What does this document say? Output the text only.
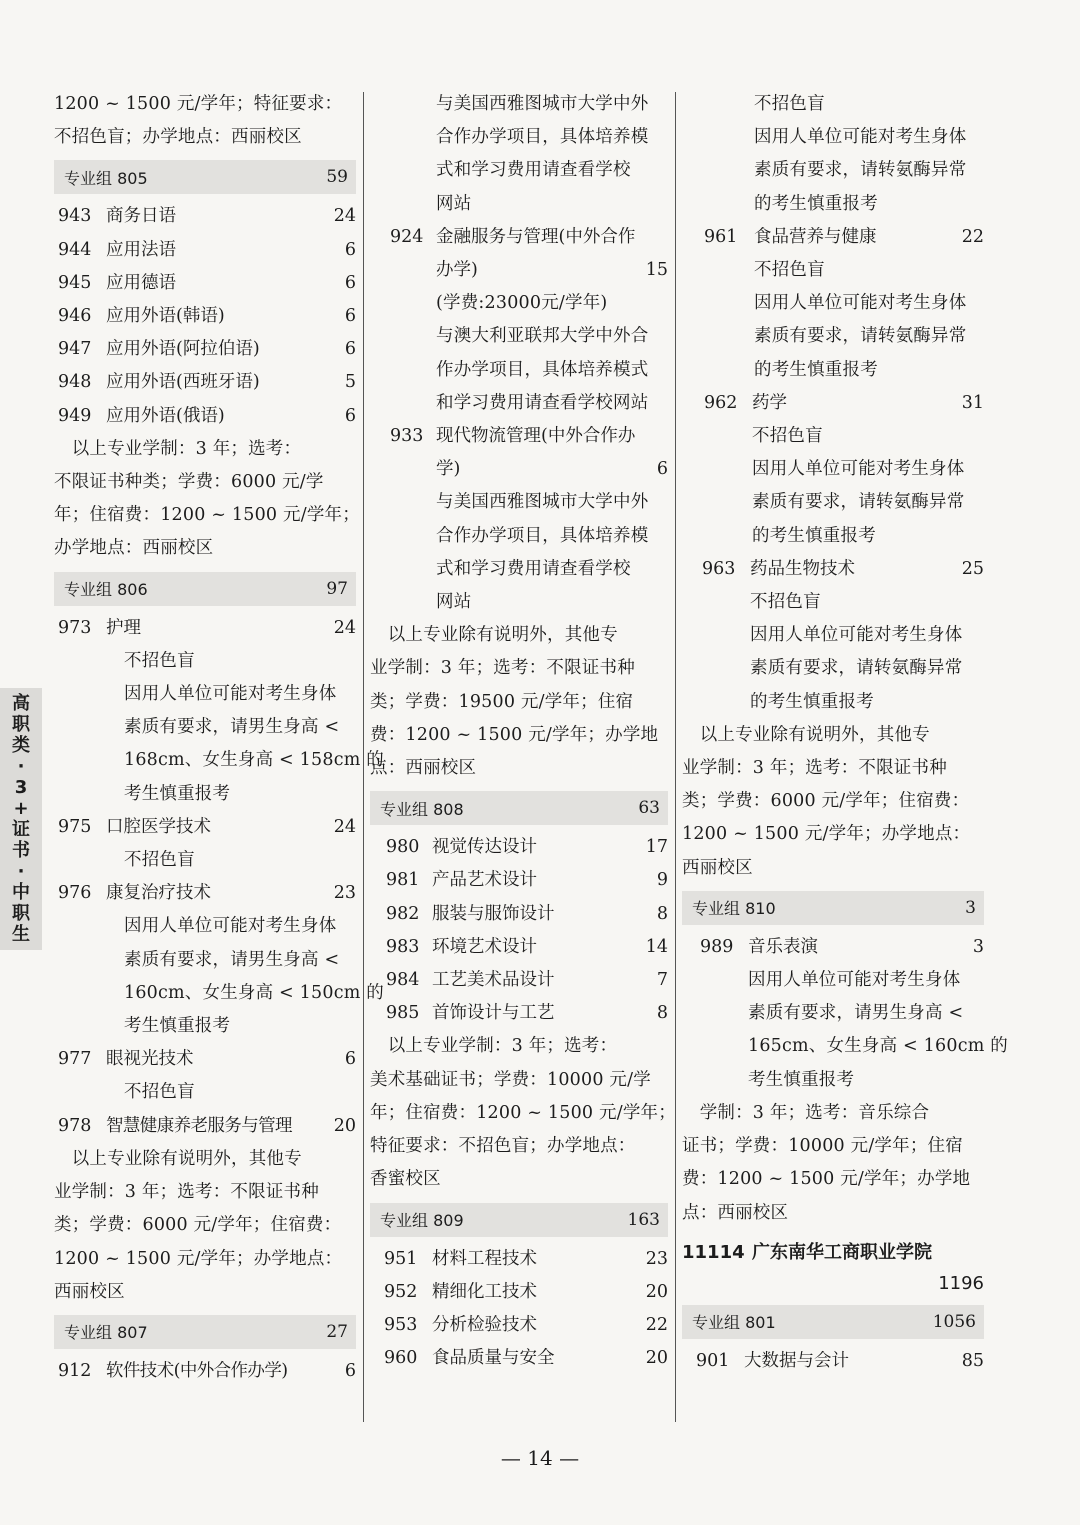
高
职
类
·
3
+
证
书
·
中
职
生
1200 ~ 1500 元/学年；特征要求：
不招色盲；办学地点：西丽校区
专业组 805	59
943 商务日语	24
944 应用法语	6
945 应用德语	6
946 应用外语(韩语)	6
947 应用外语(阿拉伯语)	6
948 应用外语(西班牙语)	5
949 应用外语(俄语)	6
　以上专业学制：3 年；选考：
不限证书种类；学费：6000 元/学
年；住宿费：1200 ~ 1500 元/学年；
办学地点：西丽校区
专业组 806	97
973 护理	24
不招色盲
因用人单位可能对考生身体
素质有要求，请男生身高 <
168cm、女生身高 < 158cm 的
考生慎重报考
975 口腔医学技术	24
不招色盲
976 康复治疗技术	23
因用人单位可能对考生身体
素质有要求，请男生身高 <
160cm、女生身高 < 150cm 的
考生慎重报考
977 眼视光技术	6
不招色盲
978 智慧健康养老服务与管理	20
　以上专业除有说明外，其他专
业学制：3 年；选考：不限证书种
类；学费：6000 元/学年；住宿费：
1200 ~ 1500 元/学年；办学地点：
西丽校区
专业组 807	27
912 软件技术(中外合作办学)	6
与美国西雅图城市大学中外
合作办学项目，具体培养模
式和学习费用请查看学校
网站
924 金融服务与管理(中外合作
办学)	15
(学费:23000元/学年)
与澳大利亚联邦大学中外合
作办学项目，具体培养模式
和学习费用请查看学校网站
933 现代物流管理(中外合作办
学)	6
与美国西雅图城市大学中外
合作办学项目，具体培养模
式和学习费用请查看学校
网站
　以上专业除有说明外，其他专
业学制：3 年；选考：不限证书种
类；学费：19500 元/学年；住宿
费：1200 ~ 1500 元/学年；办学地
点：西丽校区
专业组 808	63
980 视觉传达设计	17
981 产品艺术设计	9
982 服装与服饰设计	8
983 环境艺术设计	14
984 工艺美术品设计	7
985 首饰设计与工艺	8
　以上专业学制：3 年；选考：
美术基础证书；学费：10000 元/学
年；住宿费：1200 ~ 1500 元/学年；
特征要求：不招色盲；办学地点：
香蜜校区
专业组 809	163
951 材料工程技术	23
952 精细化工技术	20
953 分析检验技术	22
960 食品质量与安全	20
不招色盲
因用人单位可能对考生身体
素质有要求，请转氨酶异常
的考生慎重报考
961 食品营养与健康	22
不招色盲
因用人单位可能对考生身体
素质有要求，请转氨酶异常
的考生慎重报考
962 药学	31
不招色盲
因用人单位可能对考生身体
素质有要求，请转氨酶异常
的考生慎重报考
963 药品生物技术	25
不招色盲
因用人单位可能对考生身体
素质有要求，请转氨酶异常
的考生慎重报考
　以上专业除有说明外，其他专
业学制：3 年；选考：不限证书种
类；学费：6000 元/学年；住宿费：
1200 ~ 1500 元/学年；办学地点：
西丽校区
专业组 810	3
989 音乐表演	3
因用人单位可能对考生身体
素质有要求，请男生身高 <
165cm、女生身高 < 160cm 的
考生慎重报考
　学制：3 年；选考：音乐综合
证书；学费：10000 元/学年；住宿
费：1200 ~ 1500 元/学年；办学地
点：西丽校区
11114 广东南华工商职业学院
1196
专业组 801	1056
901 大数据与会计	85
— 14 —
